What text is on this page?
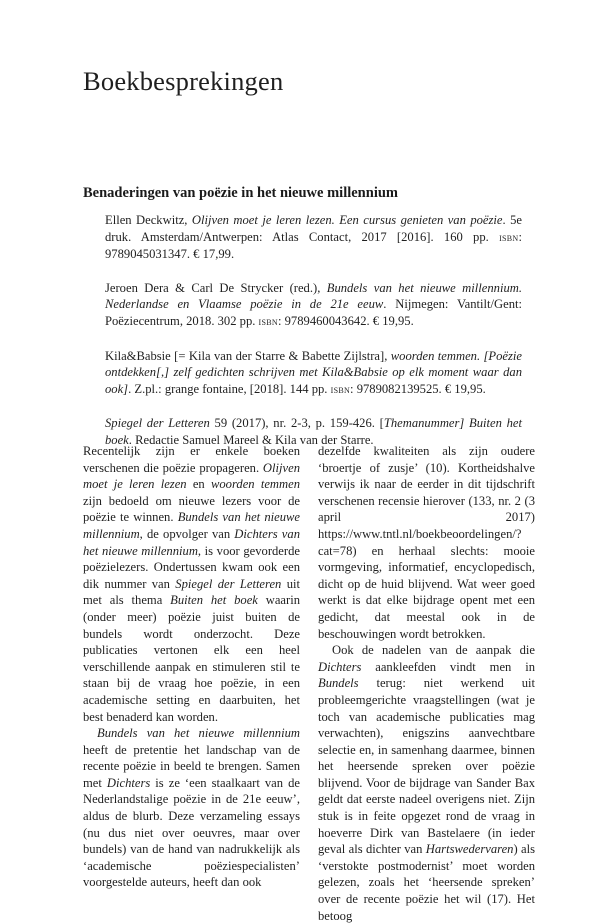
Boekbesprekingen
Benaderingen van poëzie in het nieuwe millennium

Ellen Deckwitz, Olijven moet je leren lezen. Een cursus genieten van poëzie. 5e druk. Amsterdam/Antwerpen: Atlas Contact, 2017 [2016]. 160 pp. isbn: 9789045031347. € 17,99.

Jeroen Dera & Carl De Strycker (red.), Bundels van het nieuwe millennium. Nederlandse en Vlaamse poëzie in de 21e eeuw. Nijmegen: Vantilt/Gent: Poëziecentrum, 2018. 302 pp. isbn: 9789460043642. € 19,95.

Kila&Babsie [= Kila van der Starre & Babette Zijlstra], woorden temmen. [Poëzie ontdekken[,] zelf gedichten schrijven met Kila&Babsie op elk moment waar dan ook]. Z.pl.: grange fontaine, [2018]. 144 pp. isbn: 9789082139525. € 19,95.

Spiegel der Letteren 59 (2017), nr. 2-3, p. 159-426. [Themanummer] Buiten het boek. Redactie Samuel Mareel & Kila van der Starre.

Recentelijk zijn er enkele boeken verschenen die poëzie propageren. Olijven moet je leren lezen en woorden temmen zijn bedoeld om nieuwe lezers voor de poëzie te winnen. Bundels van het nieuwe millennium, de opvolger van Dichters van het nieuwe millennium, is voor gevorderde poëzielezers. Ondertussen kwam ook een dik nummer van Spiegel der Letteren uit met als thema Buiten het boek waarin (onder meer) poëzie juist buiten de bundels wordt onderzocht. Deze publicaties vertonen elk een heel verschillende aanpak en stimuleren stil te staan bij de vraag hoe poëzie, in een academische setting en daarbuiten, het best benaderd kan worden.

Bundels van het nieuwe millennium heeft de pretentie het landschap van de recente poëzie in beeld te brengen. Samen met Dichters is ze ‘een staalkaart van de Nederlandstalige poëzie in de 21e eeuw’, aldus de blurb. Deze verzameling essays (nu dus niet over oeuvres, maar over bundels) van de hand van nadrukkelijk als ‘academische poëziespecialisten’ voorgestelde auteurs, heeft dan ook

dezelfde kwaliteiten als zijn oudere ‘broertje of zusje’ (10). Kortheidshalve verwijs ik naar de eerder in dit tijdschrift verschenen recensie hierover (133, nr. 2 (3 april 2017) https://www.tntl.nl/boekbeoordelingen/?cat=78) en herhaal slechts: mooie vormgeving, informatief, encyclopedisch, dicht op de huid blijvend. Wat weer goed werkt is dat elke bijdrage opent met een gedicht, dat meestal ook in de beschouwingen wordt betrokken.

Ook de nadelen van de aanpak die Dichters aankleefden vindt men in Bundels terug: niet werkend uit probleemgerichte vraagstellingen (wat je toch van academische publicaties mag verwachten), enigszins aanvechtbare selectie en, in samenhang daarmee, binnen het heersende spreken over poëzie blijvend. Voor de bijdrage van Sander Bax geldt dat eerste nadeel overigens niet. Zijn stuk is in feite opgezet rond de vraag in hoeverre Dirk van Bastelaere (in ieder geval als dichter van Hartswedervaren) als ‘verstokte postmodernist’ moet worden gelezen, zoals het ‘heersende spreken’ over de recente poëzie het wil (17). Het betoog
